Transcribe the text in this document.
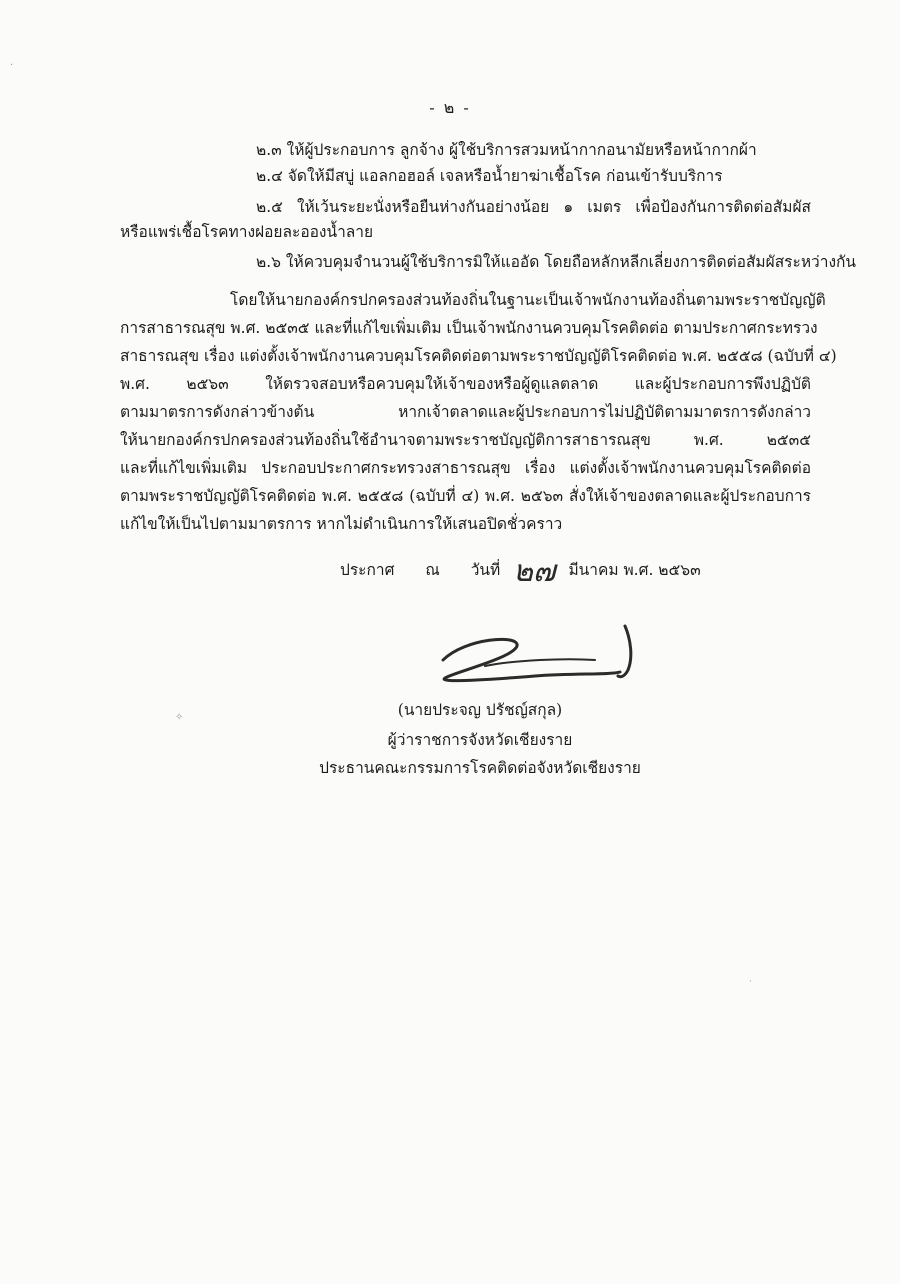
- ๒ -
๒.๓ ให้ผู้ประกอบการ ลูกจ้าง ผู้ใช้บริการสวมหน้ากากอนามัยหรือหน้ากากผ้า
๒.๔ จัดให้มีสบู่ แอลกอฮอล์ เจลหรือน้ำยาฆ่าเชื้อโรค ก่อนเข้ารับบริการ
๒.๕ ให้เว้นระยะนั่งหรือยืนห่างกันอย่างน้อย ๑ เมตร เพื่อป้องกันการติดต่อสัมผัส
หรือแพร่เชื้อโรคทางฝอยละอองน้ำลาย
๒.๖ ให้ควบคุมจำนวนผู้ใช้บริการมิให้แออัด โดยถือหลักหลีกเลี่ยงการติดต่อสัมผัสระหว่างกัน
โดยให้นายกองค์กรปกครองส่วนท้องถิ่นในฐานะเป็นเจ้าพนักงานท้องถิ่นตามพระราชบัญญัติ
การสาธารณสุข พ.ศ. ๒๕๓๕ และที่แก้ไขเพิ่มเติม เป็นเจ้าพนักงานควบคุมโรคติดต่อ ตามประกาศกระทรวง
สาธารณสุข เรื่อง แต่งตั้งเจ้าพนักงานควบคุมโรคติดต่อตามพระราชบัญญัติโรคติดต่อ พ.ศ. ๒๕๕๘ (ฉบับที่ ๔)
พ.ศ. ๒๕๖๓ ให้ตรวจสอบหรือควบคุมให้เจ้าของหรือผู้ดูแลตลาด และผู้ประกอบการพึงปฏิบัติ
ตามมาตรการดังกล่าวข้างต้น หากเจ้าตลาดและผู้ประกอบการไม่ปฏิบัติตามมาตรการดังกล่าว
ให้นายกองค์กรปกครองส่วนท้องถิ่นใช้อำนาจตามพระราชบัญญัติการสาธารณสุข พ.ศ. ๒๕๓๕
และที่แก้ไขเพิ่มเติม ประกอบประกาศกระทรวงสาธารณสุข เรื่อง แต่งตั้งเจ้าพนักงานควบคุมโรคติดต่อ
ตามพระราชบัญญัติโรคติดต่อ พ.ศ. ๒๕๕๘ (ฉบับที่ ๔) พ.ศ. ๒๕๖๓ สั่งให้เจ้าของตลาดและผู้ประกอบการ
แก้ไขให้เป็นไปตามมาตรการ หากไม่ดำเนินการให้เสนอปิดชั่วคราว
ประกาศ ณ วันที่ ๒๗ มีนาคม พ.ศ. ๒๕๖๓
(นายประจญ ปรัชญ์สกุล)
ผู้ว่าราชการจังหวัดเชียงราย
ประธานคณะกรรมการโรคติดต่อจังหวัดเชียงราย
✧
˙
·
